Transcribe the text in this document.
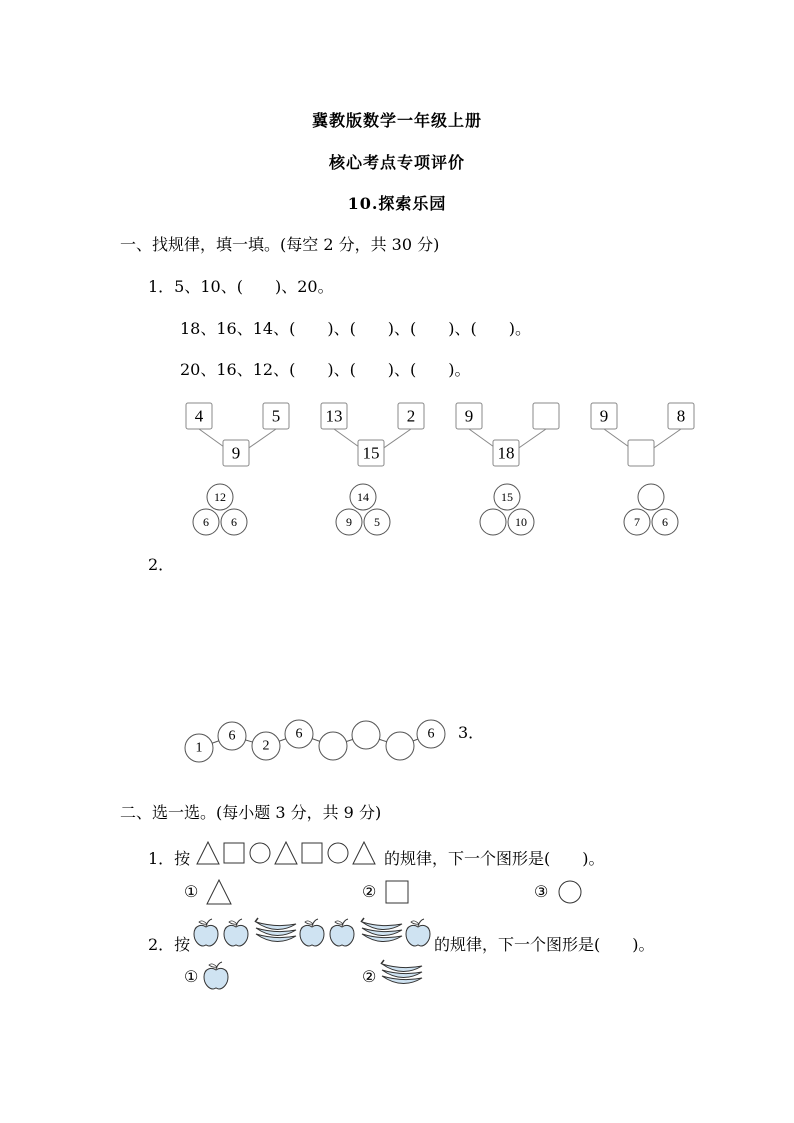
冀教版数学一年级上册
核心考点专项评价
10.探索乐园
一、找规律，填一填。(每空 2 分，共 30 分)
1．5、10、(　　)、20。
18、16、14、(　　)、(　　)、(　　)、(　　)。
20、16、12、(　　)、(　　)、(　　)。
4	5
9
13	2
15
9
18
9	8
12
6 6
14
9 5
15
10	7 6
1
6
2
6	6
2．
3．
二、选一选。(每小题 3 分，共 9 分)
1．按	的规律，下一个图形是(　　)。
①	②	③
2．按	的规律，下一个图形是(　　)。
①	②
